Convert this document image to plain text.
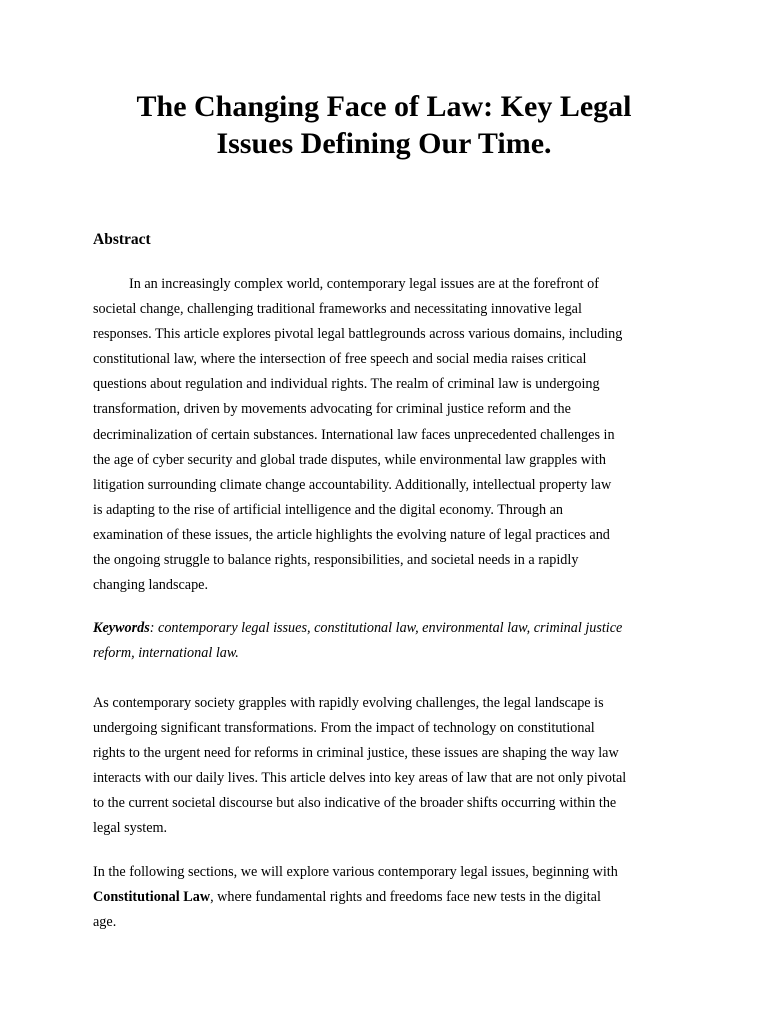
The Changing Face of Law: Key Legal
Issues Defining Our Time.
Abstract

In an increasingly complex world, contemporary legal issues are at the forefront of
societal change, challenging traditional frameworks and necessitating innovative legal
responses. This article explores pivotal legal battlegrounds across various domains, including
constitutional law, where the intersection of free speech and social media raises critical
questions about regulation and individual rights. The realm of criminal law is undergoing
transformation, driven by movements advocating for criminal justice reform and the
decriminalization of certain substances. International law faces unprecedented challenges in
the age of cyber security and global trade disputes, while environmental law grapples with
litigation surrounding climate change accountability. Additionally, intellectual property law
is adapting to the rise of artificial intelligence and the digital economy. Through an
examination of these issues, the article highlights the evolving nature of legal practices and
the ongoing struggle to balance rights, responsibilities, and societal needs in a rapidly
changing landscape.

Keywords: contemporary legal issues, constitutional law, environmental law, criminal justice
reform, international law.

As contemporary society grapples with rapidly evolving challenges, the legal landscape is
undergoing significant transformations. From the impact of technology on constitutional
rights to the urgent need for reforms in criminal justice, these issues are shaping the way law
interacts with our daily lives. This article delves into key areas of law that are not only pivotal
to the current societal discourse but also indicative of the broader shifts occurring within the
legal system.

In the following sections, we will explore various contemporary legal issues, beginning with
Constitutional Law, where fundamental rights and freedoms face new tests in the digital
age.
